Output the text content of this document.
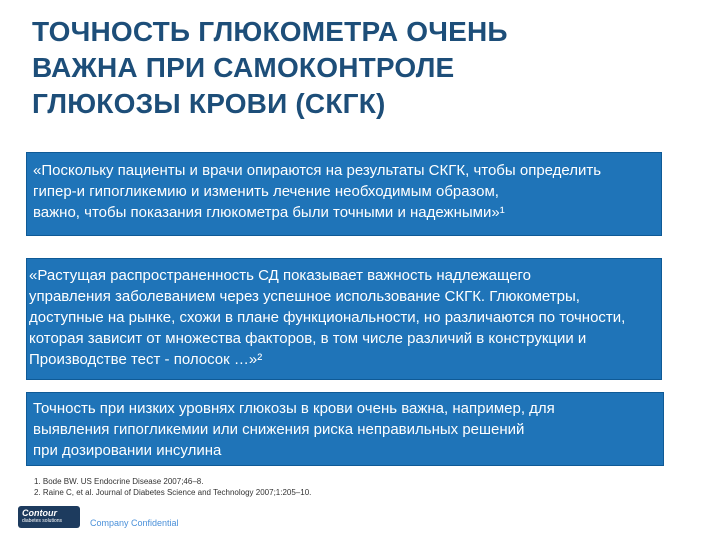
ТОЧНОСТЬ ГЛЮКОМЕТРА ОЧЕНЬ
ВАЖНА ПРИ САМОКОНТРОЛЕ
ГЛЮКОЗЫ КРОВИ (СКГК)
«Поскольку пациенты и врачи опираются на результаты СКГК, чтобы определить
гипер-и гипогликемию и изменить лечение необходимым образом,
важно, чтобы показания глюкометра были точными и надежными»¹
«Растущая распространенность СД показывает важность надлежащего
управления заболеванием через успешное использование СКГК. Глюкометры,
доступные на рынке, схожи в плане функциональности, но различаются по точности,
которая зависит от множества факторов, в том числе различий в конструкции и
Производстве тест - полосок …»²
Точность при низких уровнях глюкозы в крови очень важна, например, для
выявления гипогликемии или снижения риска неправильных решений
при дозировании инсулина
1. Bode BW. US Endocrine Disease 2007;46–8.
2. Raine C, et al. Journal of Diabetes Science and Technology 2007;1:205–10.
Contour
diabetes solutions	Company Confidential
